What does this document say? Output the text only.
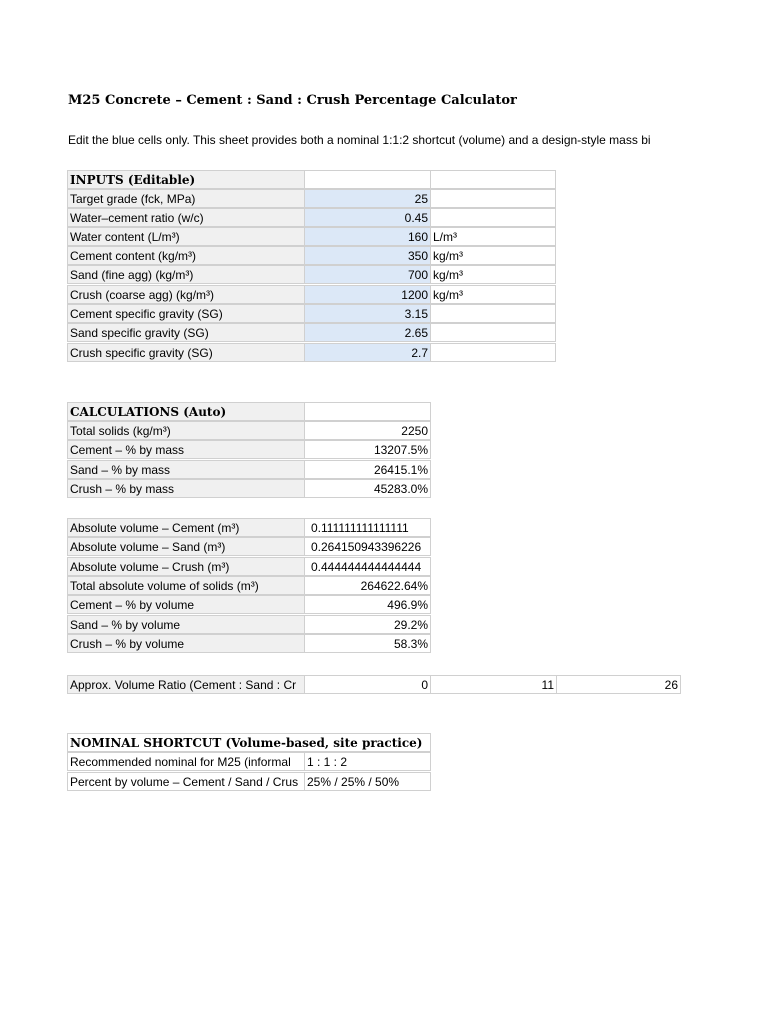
M25 Concrete – Cement : Sand : Crush Percentage Calculator
Edit the blue cells only. This sheet provides both a nominal 1:1:2 shortcut (volume) and a design-style mass bi
INPUTS (Editable)
Target grade (fck, MPa)	25
Water–cement ratio (w/c)	0.45
Water content (L/m³)	160 L/m³
Cement content (kg/m³)	350 kg/m³
Sand (fine agg) (kg/m³)	700 kg/m³
Crush (coarse agg) (kg/m³)	1200 kg/m³
Cement specific gravity (SG)	3.15
Sand specific gravity (SG)	2.65
Crush specific gravity (SG)	2.7
CALCULATIONS (Auto)
Total solids (kg/m³)	2250
Cement – % by mass	13207.5%
Sand – % by mass	26415.1%
Crush – % by mass	45283.0%
Absolute volume – Cement (m³)	0.111111111111111
Absolute volume – Sand (m³)	0.264150943396226
Absolute volume – Crush (m³)	0.444444444444444
Total absolute volume of solids (m³)	264622.64%
Cement – % by volume	496.9%
Sand – % by volume	29.2%
Crush – % by volume	58.3%
Approx. Volume Ratio (Cement : Sand : Cr	0	11	26
NOMINAL SHORTCUT (Volume-based, site practice)
Recommended nominal for M25 (informal	1 : 1 : 2
Percent by volume – Cement / Sand / Crus 25% / 25% / 50%
